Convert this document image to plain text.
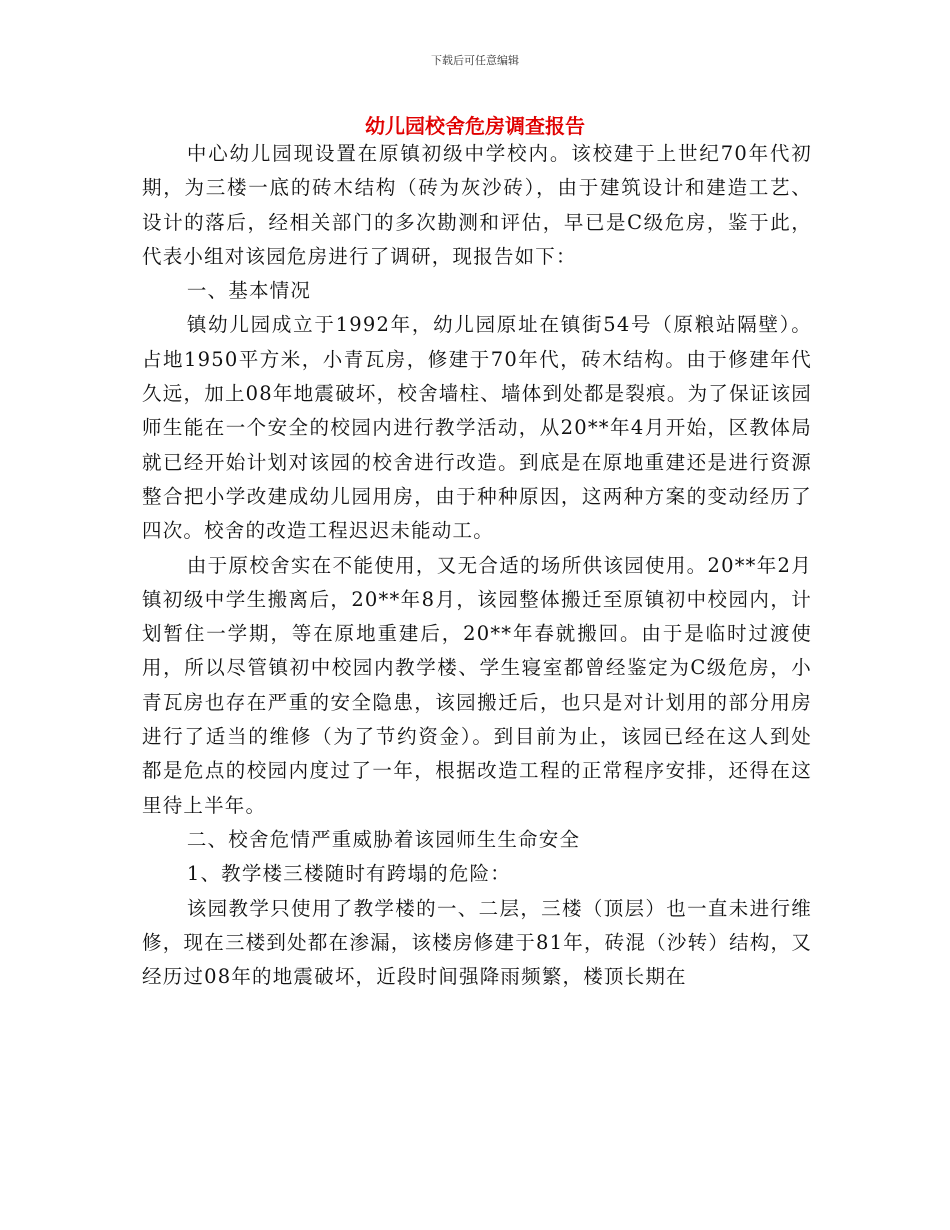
下载后可任意编辑
幼儿园校舍危房调查报告

中心幼儿园现设置在原镇初级中学校内。该校建于上世纪70年代初期，为三楼一底的砖木结构（砖为灰沙砖），由于建筑设计和建造工艺、设计的落后，经相关部门的多次勘测和评估，早已是C级危房，鉴于此，代表小组对该园危房进行了调研，现报告如下：

一、基本情况

镇幼儿园成立于1992年，幼儿园原址在镇街54号（原粮站隔壁）。占地1950平方米，小青瓦房，修建于70年代，砖木结构。由于修建年代久远，加上08年地震破坏，校舍墙柱、墙体到处都是裂痕。为了保证该园师生能在一个安全的校园内进行教学活动，从20**年4月开始，区教体局就已经开始计划对该园的校舍进行改造。到底是在原地重建还是进行资源整合把小学改建成幼儿园用房，由于种种原因，这两种方案的变动经历了四次。校舍的改造工程迟迟未能动工。

由于原校舍实在不能使用，又无合适的场所供该园使用。20**年2月镇初级中学生搬离后，20**年8月，该园整体搬迁至原镇初中校园内，计划暂住一学期，等在原地重建后，20**年春就搬回。由于是临时过渡使用，所以尽管镇初中校园内教学楼、学生寝室都曾经鉴定为C级危房，小青瓦房也存在严重的安全隐患，该园搬迁后，也只是对计划用的部分用房进行了适当的维修（为了节约资金）。到目前为止，该园已经在这人到处都是危点的校园内度过了一年，根据改造工程的正常程序安排，还得在这里待上半年。

二、校舍危情严重威胁着该园师生生命安全

1、教学楼三楼随时有跨塌的危险：

该园教学只使用了教学楼的一、二层，三楼（顶层）也一直未进行维修，现在三楼到处都在渗漏，该楼房修建于81年，砖混（沙转）结构，又经历过08年的地震破坏，近段时间强降雨频繁，楼顶长期在
